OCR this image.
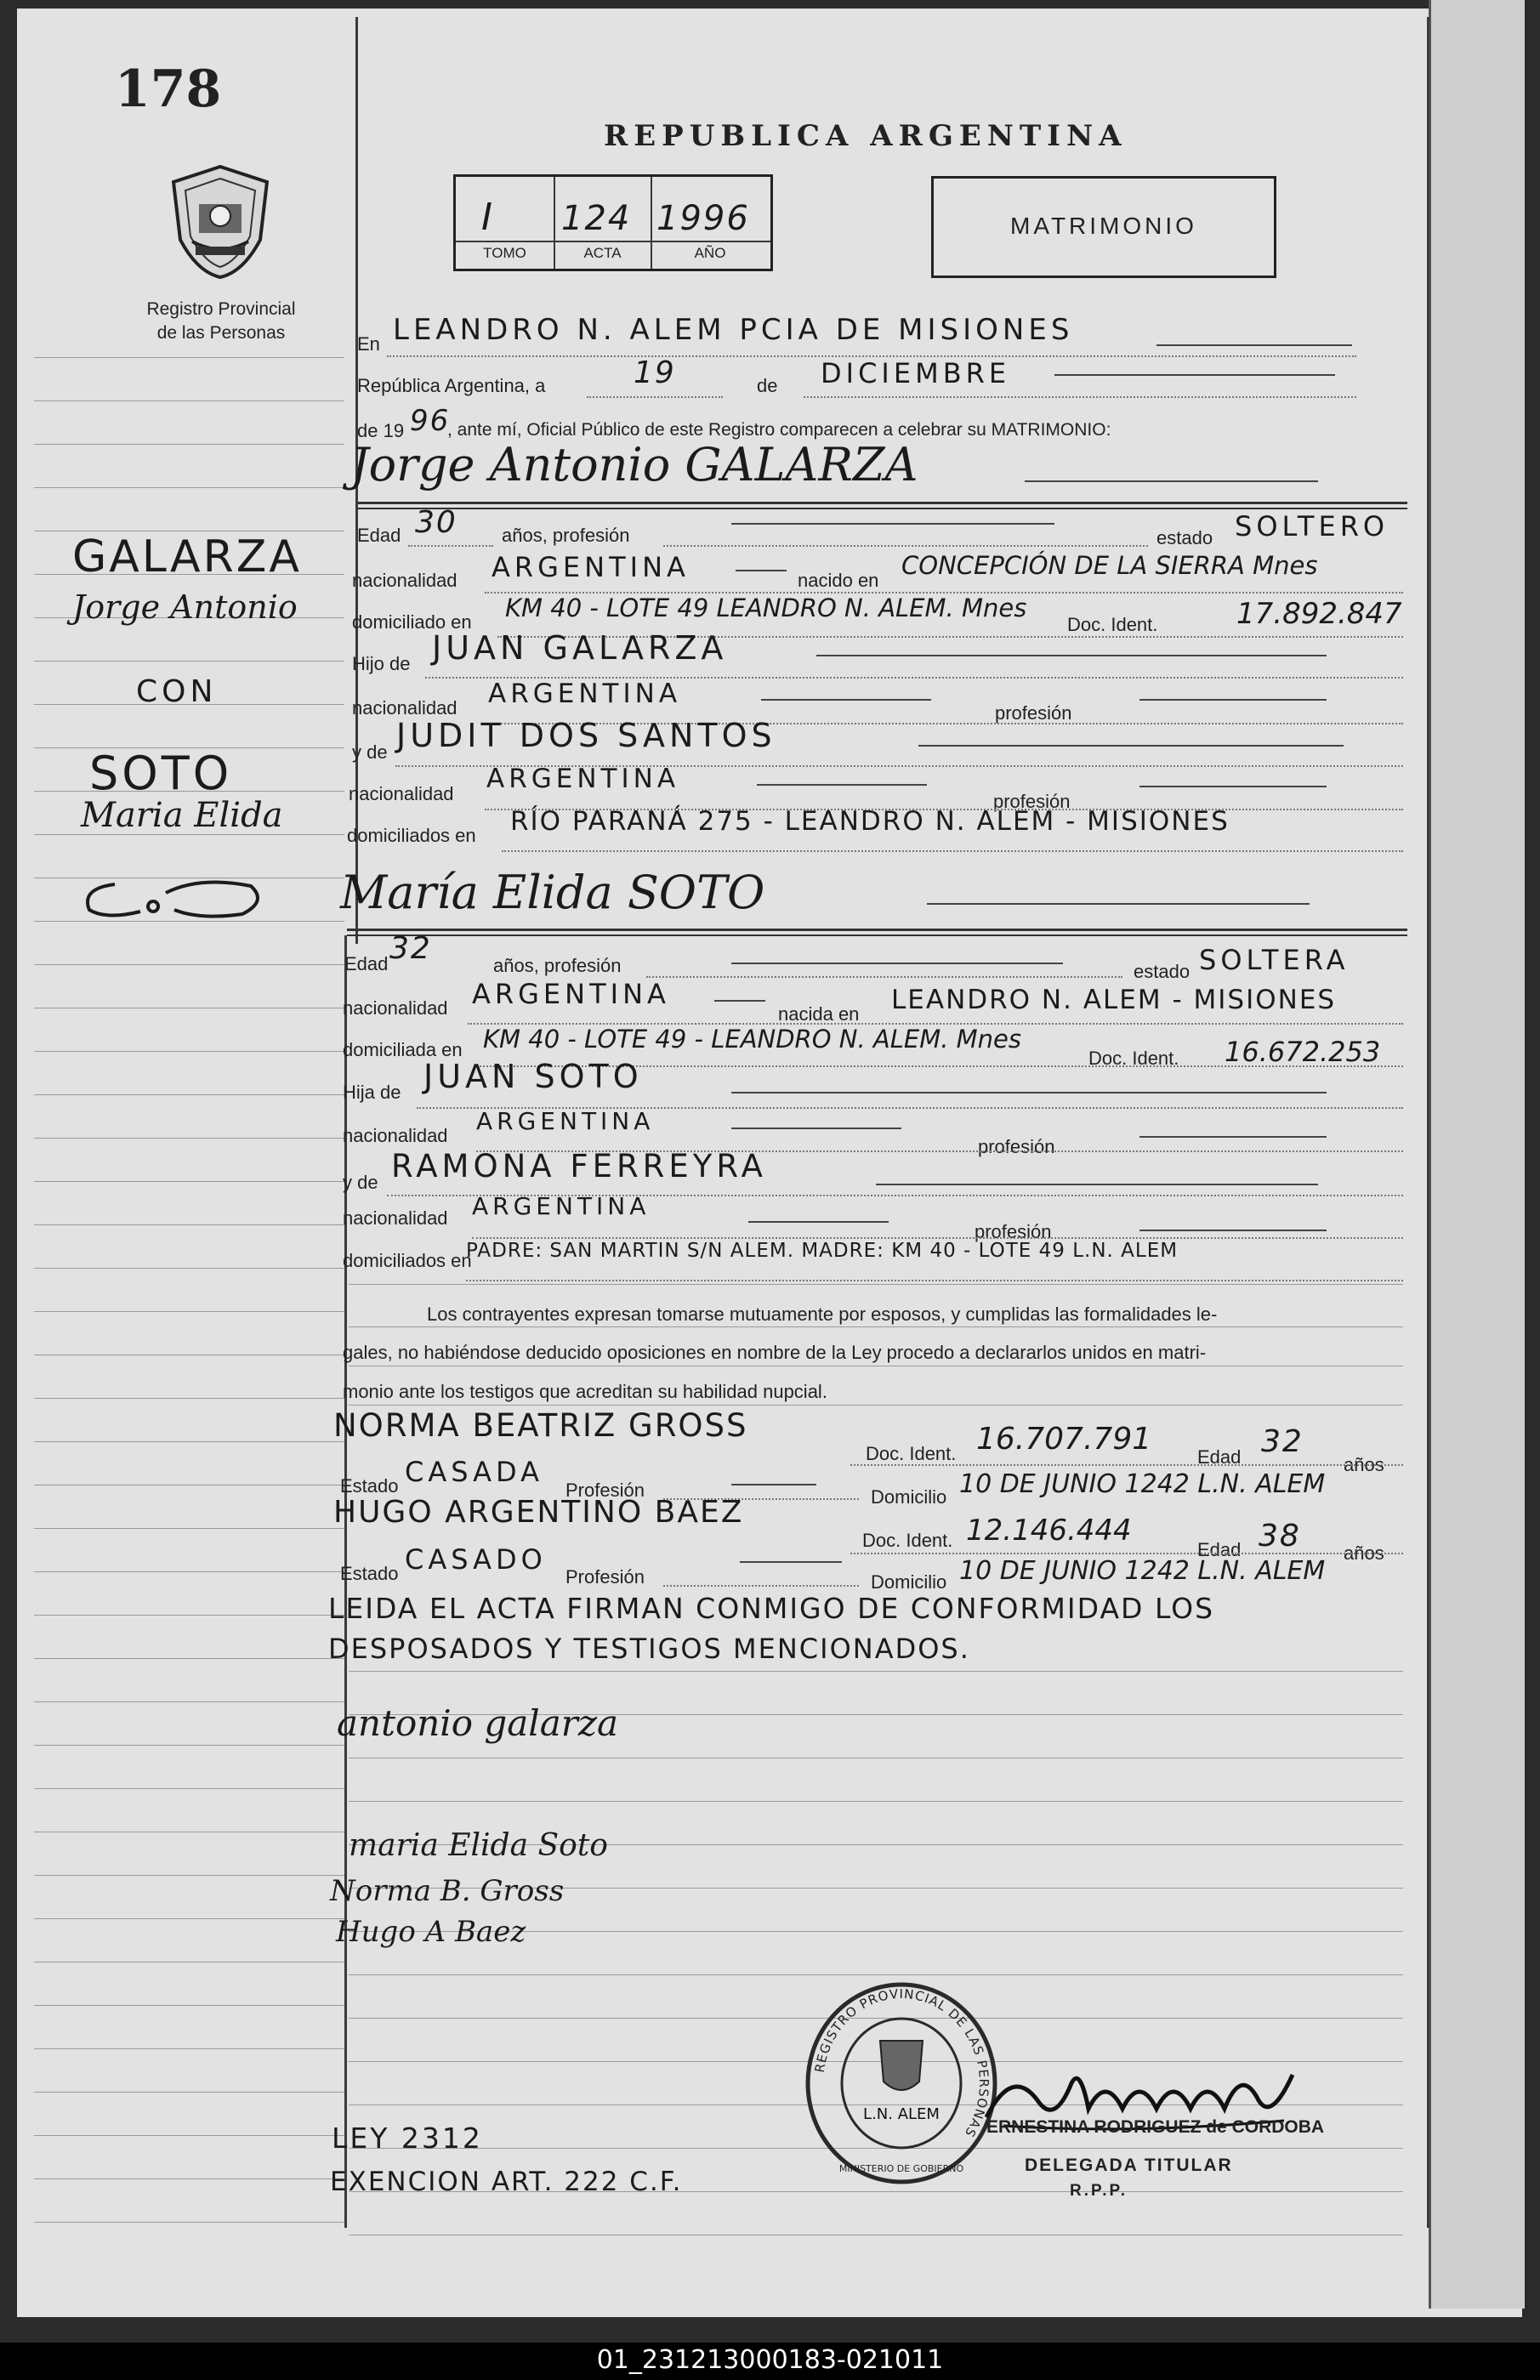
178
Registro Provincial
de las Personas
REPUBLICA ARGENTINA
I 124 1996
TOMO	ACTA	AÑO
MATRIMONIO
En LEANDRO N. ALEM PCIA DE MISIONES
República Argentina, a	19	de DICIEMBRE
de 19 96
, ante mí, Oficial Público de este Registro comparecen a celebrar su MATRIMONIO:
Jorge Antonio GALARZA
Edad 30 años, profesión	estado SOLTERO
nacionalidad ARGENTINA	nacido en
CONCEPCIÓN DE LA SIERRA Mnes
domiciliado en KM 40 - LOTE 49 LEANDRO N. ALEM. Mnes
Doc. Ident.	17.892.847
Hijo de JUAN GALARZA
nacionalidad ARGENTINA
profesión
y de JUDIT DOS SANTOS
nacionalidad ARGENTINA
profesión
domiciliados en RÍO PARANÁ 275 - LEANDRO N. ALEM - MISIONES
María Elida SOTO
Edad 32	años, profesión	estado SOLTERA
nacionalidad ARGENTINA
nacida en LEANDRO N. ALEM - MISIONES
domiciliada en KM 40 - LOTE 49 - LEANDRO N. ALEM. Mnes
Doc. Ident. 16.672.253
Hija de JUAN SOTO
nacionalidad
ARGENTINA
profesión
y de RAMONA FERREYRA
nacionalidad ARGENTINA
profesión
domiciliados en
PADRE: SAN MARTIN S/N ALEM. MADRE: KM 40 - LOTE 49 L.N. ALEM
Los contrayentes expresan tomarse mutuamente por esposos, y cumplidas las formalidades le-
gales, no habiéndose deducido oposiciones en nombre de la Ley procedo a declararlos unidos en matri-
monio ante los testigos que acreditan su habilidad nupcial.
NORMA BEATRIZ GROSS
Doc. Ident. 16.707.791
Edad 32
años
Estado CASADA
Profesión	Domicilio 10 DE JUNIO 1242 L.N. ALEM
HUGO ARGENTINO BAEZ
Doc. Ident. 12.146.444
Edad 38 años
Estado CASADO
Profesión	Domicilio 10 DE JUNIO 1242 L.N. ALEM
LEIDA EL ACTA FIRMAN CONMIGO DE CONFORMIDAD LOS
DESPOSADOS Y TESTIGOS MENCIONADOS.
antonio galarza
maria Elida Soto
Norma B. Gross
Hugo A Baez
REGISTRO PROVINCIAL DE LAS PERSONAS
L.N. ALEM
MINISTERIO DE GOBIERNO
ERNESTINA RODRIGUEZ de CORDOBA
DELEGADA TITULAR
R.P.P.
LEY 2312
EXENCION ART. 222 C.F.
GALARZA
Jorge Antonio
CON
SOTO
Maria Elida
01_231213000183-021011
